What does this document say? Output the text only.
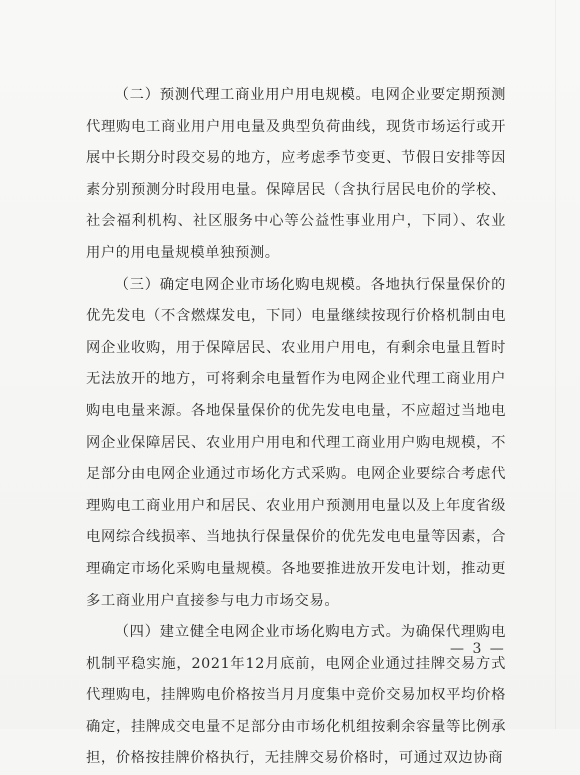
（二）预测代理工商业用户用电规模。电网企业要定期预测代理购电工商业用户用电量及典型负荷曲线，现货市场运行或开展中长期分时段交易的地方，应考虑季节变更、节假日安排等因素分别预测分时段用电量。保障居民（含执行居民电价的学校、社会福利机构、社区服务中心等公益性事业用户，下同）、农业用户的用电量规模单独预测。

（三）确定电网企业市场化购电规模。各地执行保量保价的优先发电（不含燃煤发电，下同）电量继续按现行价格机制由电网企业收购，用于保障居民、农业用户用电，有剩余电量且暂时无法放开的地方，可将剩余电量暂作为电网企业代理工商业用户购电电量来源。各地保量保价的优先发电电量，不应超过当地电网企业保障居民、农业用户用电和代理工商业用户购电规模，不足部分由电网企业通过市场化方式采购。电网企业要综合考虑代理购电工商业用户和居民、农业用户预测用电量以及上年度省级电网综合线损率、当地执行保量保价的优先发电电量等因素，合理确定市场化采购电量规模。各地要推进放开发电计划，推动更多工商业用户直接参与电力市场交易。

（四）建立健全电网企业市场化购电方式。为确保代理购电机制平稳实施，2021年12月底前，电网企业通过挂牌交易方式代理购电，挂牌购电价格按当月月度集中竞价交易加权平均价格确定，挂牌成交电量不足部分由市场化机组按剩余容量等比例承担，价格按挂牌价格执行，无挂牌交易价格时，可通过双边协商

— 3 —
